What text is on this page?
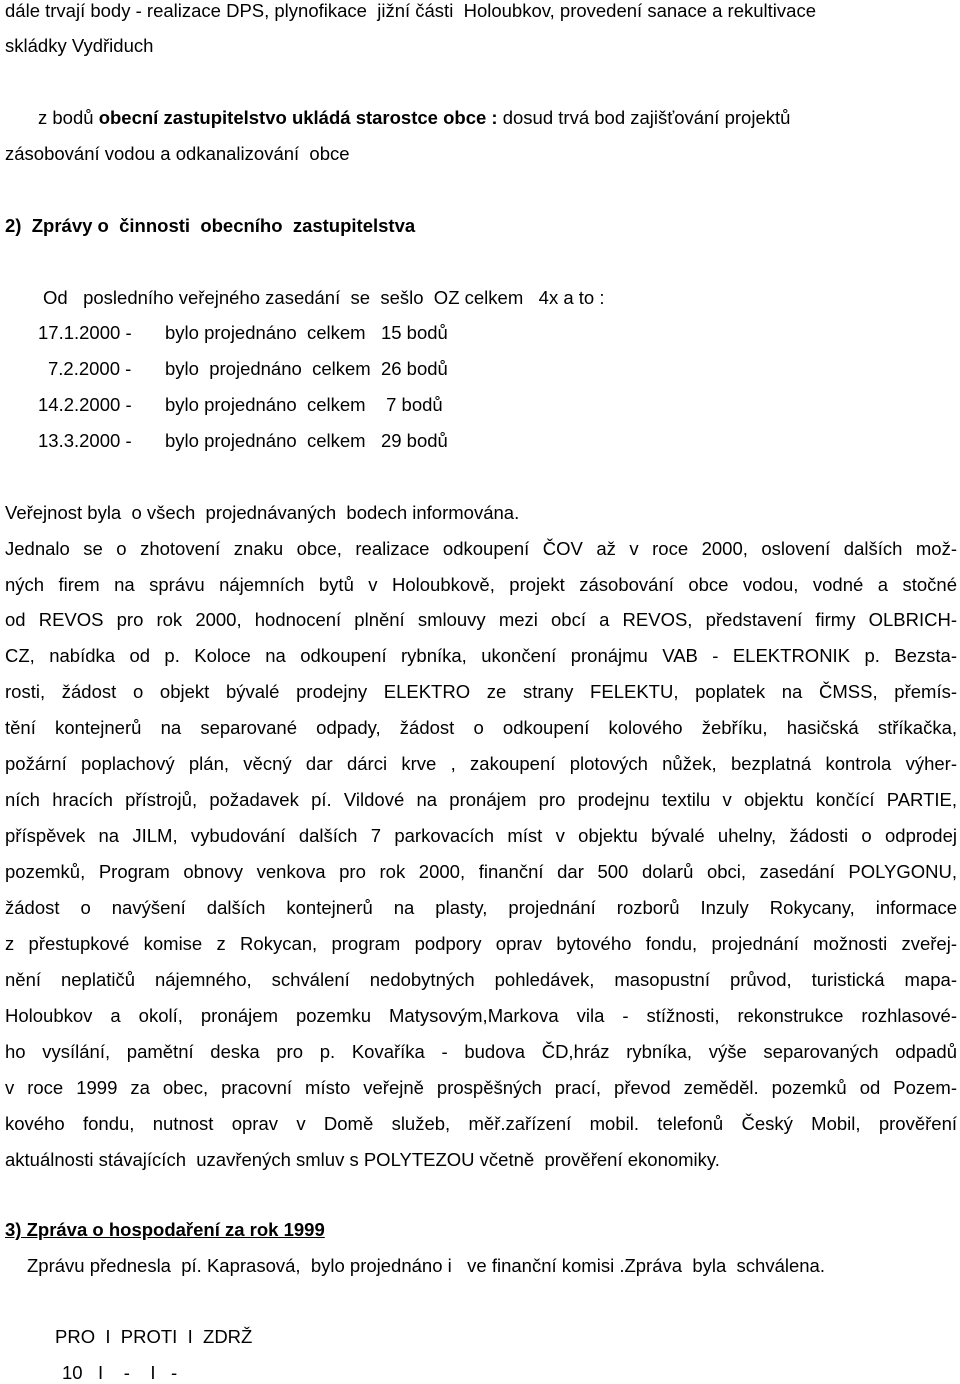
dále trvají body - realizace DPS, plynofikace  jižní části  Holoubkov, provedení sanace a rekultivace

skládky Vydřiduch

z bodů obecní zastupitelstvo ukládá starostce obce : dosud trvá bod zajišťování projektů

zásobování vodou a odkanalizování  obce

2)  Zprávy o  činnosti  obecního  zastupitelstva

Od   posledního veřejného zasedání  se  sešlo  OZ celkem   4x a to :

17.1.2000 - bylo projednáno  celkem   15 bodů
7.2.2000 - bylo  projednáno  celkem  26 bodů
14.2.2000 - bylo projednáno  celkem    7 bodů
13.3.2000 - bylo projednáno  celkem   29 bodů

Veřejnost byla  o všech  projednávaných  bodech informována.

Jednalo se o zhotovení znaku obce, realizace odkoupení ČOV až v roce 2000, oslovení dalších mož-
ných firem na správu nájemních bytů v Holoubkově, projekt zásobování obce vodou, vodné a stočné
od REVOS pro rok 2000, hodnocení plnění smlouvy mezi obcí a REVOS, představení firmy OLBRICH-
CZ, nabídka od p. Koloce na odkoupení rybníka, ukončení pronájmu VAB - ELEKTRONIK p. Bezsta-
rosti, žádost o objekt bývalé prodejny ELEKTRO ze strany FELEKTU, poplatek na ČMSS, přemís-
tění kontejnerů na separované odpady, žádost o odkoupení kolového žebříku, hasičská stříkačka,
požární poplachový plán, věcný dar dárci krve , zakoupení plotových nůžek, bezplatná kontrola výher-
ních hracích přístrojů, požadavek pí. Vildové na pronájem pro prodejnu textilu v objektu končící PARTIE,
příspěvek na JILM, vybudování dalších 7 parkovacích míst v objektu bývalé uhelny, žádosti o odprodej
pozemků, Program obnovy venkova pro rok 2000, finanční dar 500 dolarů obci, zasedání POLYGONU,
žádost o navýšení dalších kontejnerů na plasty, projednání rozborů Inzuly Rokycany, informace
z přestupkové komise z Rokycan, program podpory oprav bytového fondu, projednání možnosti zveřej-
nění neplatičů nájemného, schválení nedobytných pohledávek, masopustní průvod, turistická mapa-
Holoubkov a okolí, pronájem pozemku Matysovým,Markova vila - stížnosti, rekonstrukce rozhlasové-
ho vysílání, pamětní deska pro p. Kovaříka - budova ČD,hráz rybníka, výše separovaných odpadů
v roce 1999 za obec, pracovní místo veřejně prospěšných prací, převod zeměděl. pozemků od Pozem-
kového fondu, nutnost oprav v Domě služeb, měř.zařízení mobil. telefonů Český Mobil, prověření

aktuálnosti stávajících  uzavřených smluv s POLYTEZOU včetně  prověření ekonomiky.

3) Zpráva o hospodaření za rok 1999

Zprávu přednesla  pí. Kaprasová,  bylo projednáno i   ve finanční komisi .Zpráva  byla  schválena.

PRO  I  PROTI  I  ZDRŽ

10   I    -    I   -
